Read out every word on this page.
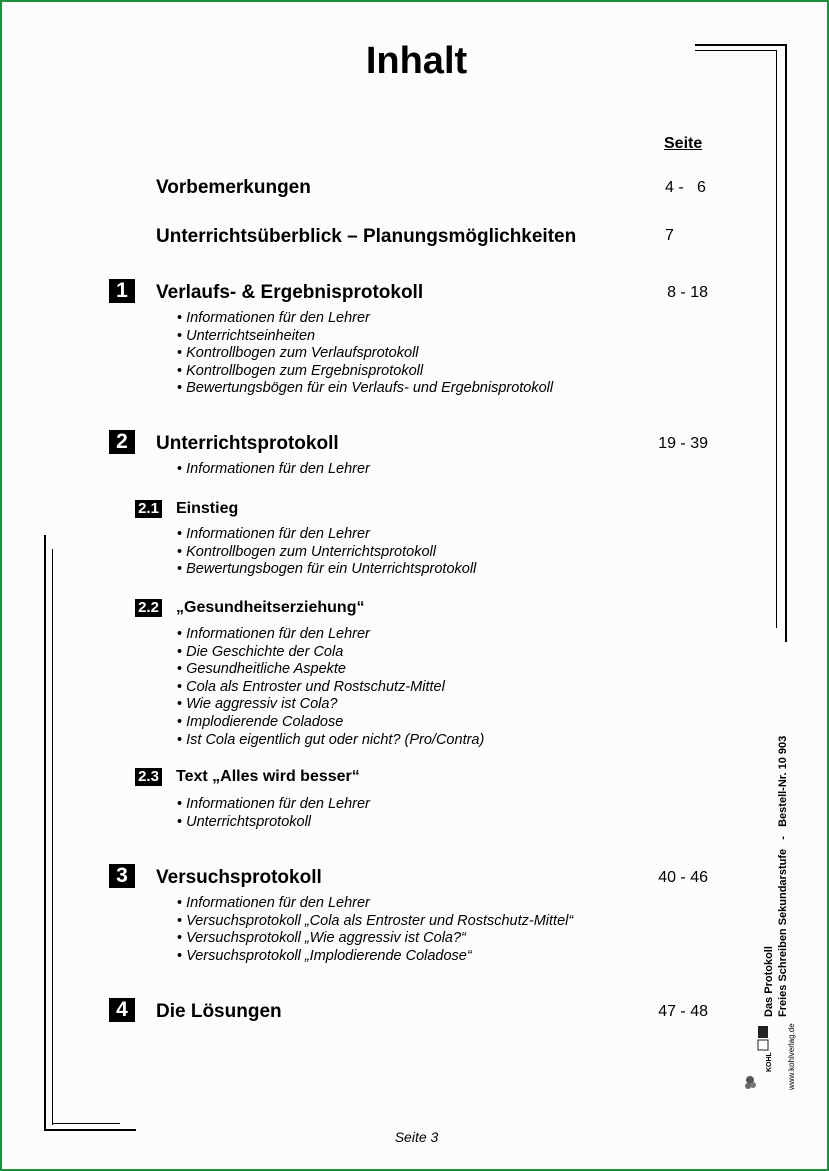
Inhalt
Seite
Vorbemerkungen	4 -   6
Unterrichtsüberblick – Planungsmöglichkeiten	7
1	Verlaufs- & Ergebnisprotokoll	8 - 18
• Informationen für den Lehrer
• Unterrichtseinheiten
• Kontrollbogen zum Verlaufsprotokoll
• Kontrollbogen zum Ergebnisprotokoll
• Bewertungsbögen für ein Verlaufs- und Ergebnisprotokoll
2	Unterrichtsprotokoll	19 - 39
• Informationen für den Lehrer
2.1 Einstieg
• Informationen für den Lehrer
• Kontrollbogen zum Unterrichtsprotokoll
• Bewertungsbogen für ein Unterrichtsprotokoll
2.2 „Gesundheitserziehung“
• Informationen für den Lehrer
• Die Geschichte der Cola
• Gesundheitliche Aspekte
• Cola als Entroster und Rostschutz-Mittel
• Wie aggressiv ist Cola?
• Implodierende Coladose
• Ist Cola eigentlich gut oder nicht? (Pro/Contra)
2.3 Text „Alles wird besser“
• Informationen für den Lehrer
• Unterrichtsprotokoll
3	Versuchsprotokoll	40 - 46
• Informationen für den Lehrer
• Versuchsprotokoll „Cola als Entroster und Rostschutz-Mittel“
• Versuchsprotokoll „Wie aggressiv ist Cola?“
• Versuchsprotokoll „Implodierende Coladose“
4	Die Lösungen	47 - 48	Das Protokoll Freies Schreiben Sekundarstufe   -   Bestell-Nr. 10 903
www.kohlverlag.de
KOHL
Seite 3
